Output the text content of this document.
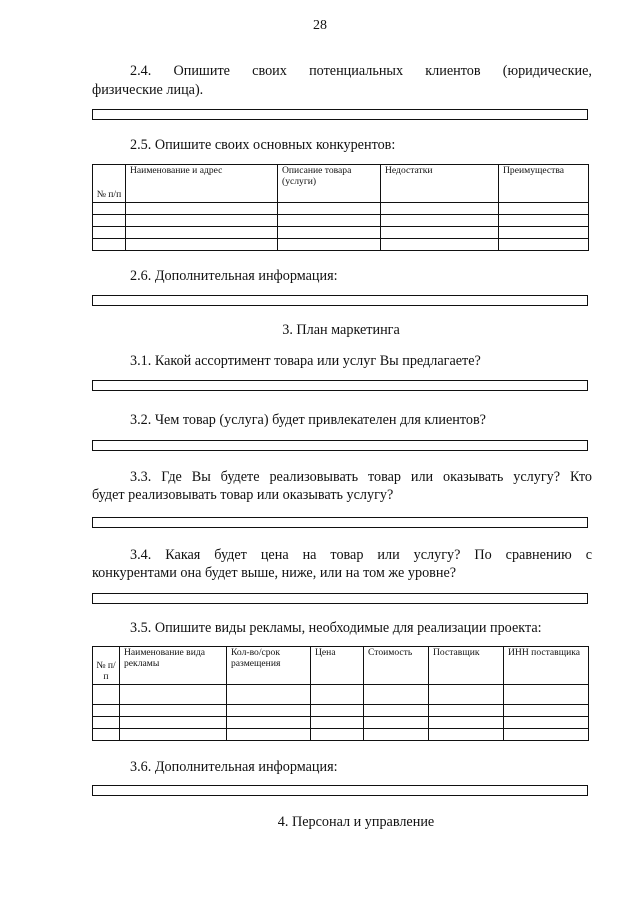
28
2.4. Опишите своих потенциальных клиентов (юридические,
физические лица).
2.5. Опишите своих основных конкурентов:
№ п/п	Наименование и адрес	Описание товара (услуги)	Недостатки	Преимущества

2.6. Дополнительная информация:
3. План маркетинга
3.1. Какой ассортимент товара или услуг Вы предлагаете?
3.2. Чем товар (услуга) будет привлекателен для клиентов?
3.3. Где Вы будете реализовывать товар или оказывать услугу? Кто
будет реализовывать товар или оказывать услугу?
3.4. Какая будет цена на товар или услугу? По сравнению с
конкурентами она будет выше, ниже, или на том же уровне?
3.5. Опишите виды рекламы, необходимые для реализации проекта:
№ п/п	Наименование вида рекламы	Кол-во/срок размещения	Цена	Стоимость	Поставщик	ИНН поставщика

3.6. Дополнительная информация:
4. Персонал и управление
